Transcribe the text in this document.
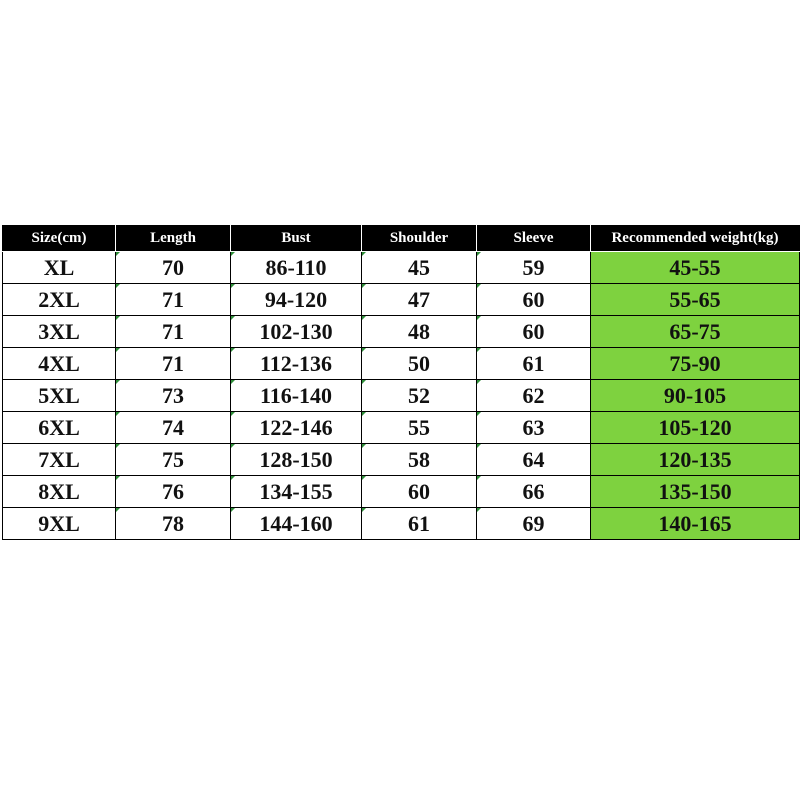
Size(cm)	Length	Bust	Shoulder	Sleeve	Recommended weight(kg)
XL	70	86-110	45	59	45-55
2XL	71	94-120	47	60	55-65
3XL	71	102-130	48	60	65-75
4XL	71	112-136	50	61	75-90
5XL	73	116-140	52	62	90-105
6XL	74	122-146	55	63	105-120
7XL	75	128-150	58	64	120-135
8XL	76	134-155	60	66	135-150
9XL	78	144-160	61	69	140-165
